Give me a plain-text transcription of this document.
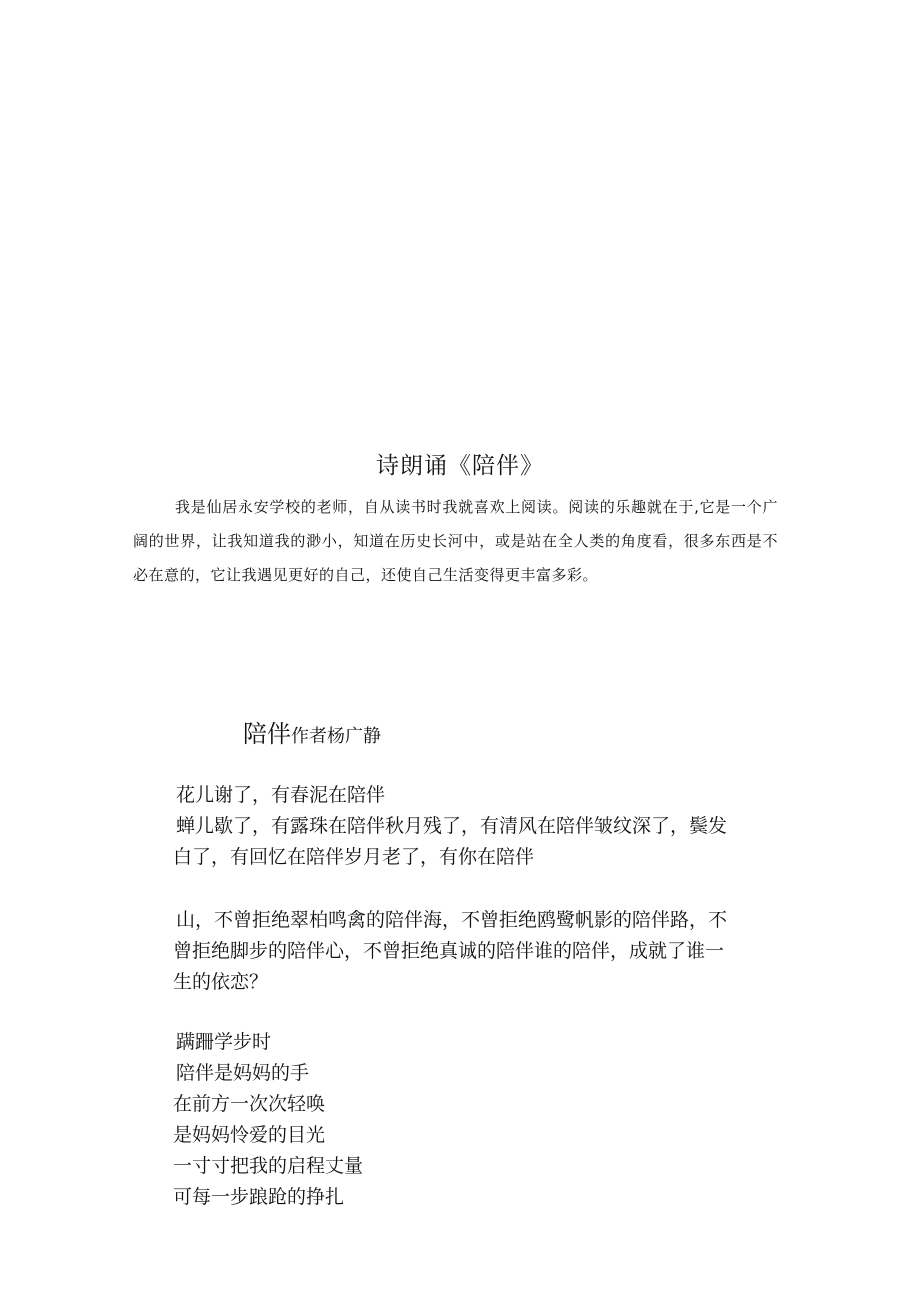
诗朗诵《陪伴》

我是仙居永安学校的老师，自从读书时我就喜欢上阅读。阅读的乐趣就在于,它是一个广阔的世界，让我知道我的渺小，知道在历史长河中，或是站在全人类的角度看，很多东西是不必在意的，它让我遇见更好的自己，还使自己生活变得更丰富多彩。

陪伴作者杨广静
花儿谢了，有春泥在陪伴
蝉儿歇了，有露珠在陪伴秋月残了，有清风在陪伴皱纹深了，鬓发
白了，有回忆在陪伴岁月老了，有你在陪伴
山，不曾拒绝翠柏鸣禽的陪伴海，不曾拒绝鸥鹭帆影的陪伴路，不
曾拒绝脚步的陪伴心，不曾拒绝真诚的陪伴谁的陪伴，成就了谁一
生的依恋？
蹒跚学步时
陪伴是妈妈的手
在前方一次次轻唤
是妈妈怜爱的目光
一寸寸把我的启程丈量
可每一步踉跄的挣扎
